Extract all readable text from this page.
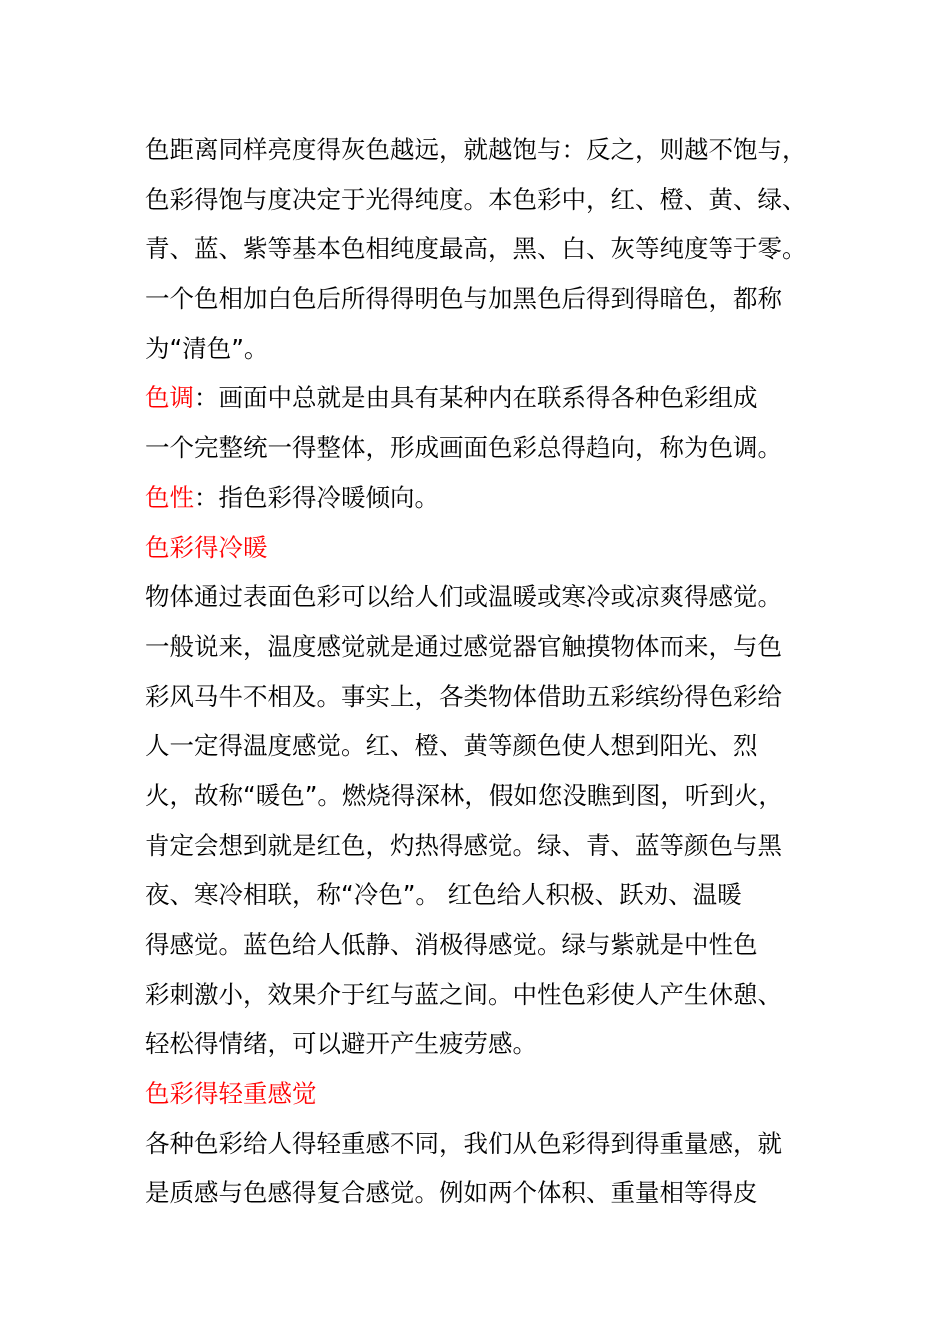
色距离同样亮度得灰色越远，就越饱与：反之，则越不饱与，
色彩得饱与度决定于光得纯度。本色彩中，红、橙、黄、绿、
青、蓝、紫等基本色相纯度最高，黑、白、灰等纯度等于零。
一个色相加白色后所得得明色与加黑色后得到得暗色，都称
为“清色”。
色调：画面中总就是由具有某种内在联系得各种色彩组成
一个完整统一得整体，形成画面色彩总得趋向，称为色调。
色性：指色彩得冷暖倾向。
色彩得冷暖
物体通过表面色彩可以给人们或温暖或寒冷或凉爽得感觉。
一般说来，温度感觉就是通过感觉器官触摸物体而来，与色
彩风马牛不相及。事实上，各类物体借助五彩缤纷得色彩给
人一定得温度感觉。红、橙、黄等颜色使人想到阳光、烈
火，故称“暖色”。燃烧得深林，假如您没瞧到图，听到火，
肯定会想到就是红色，灼热得感觉。绿、青、蓝等颜色与黑
夜、寒冷相联，称“冷色”。 红色给人积极、跃劝、温暖
得感觉。蓝色给人低静、消极得感觉。绿与紫就是中性色
彩刺激小，效果介于红与蓝之间。中性色彩使人产生休憩、
轻松得情绪，可以避开产生疲劳感。
色彩得轻重感觉
各种色彩给人得轻重感不同，我们从色彩得到得重量感，就
是质感与色感得复合感觉。例如两个体积、重量相等得皮
